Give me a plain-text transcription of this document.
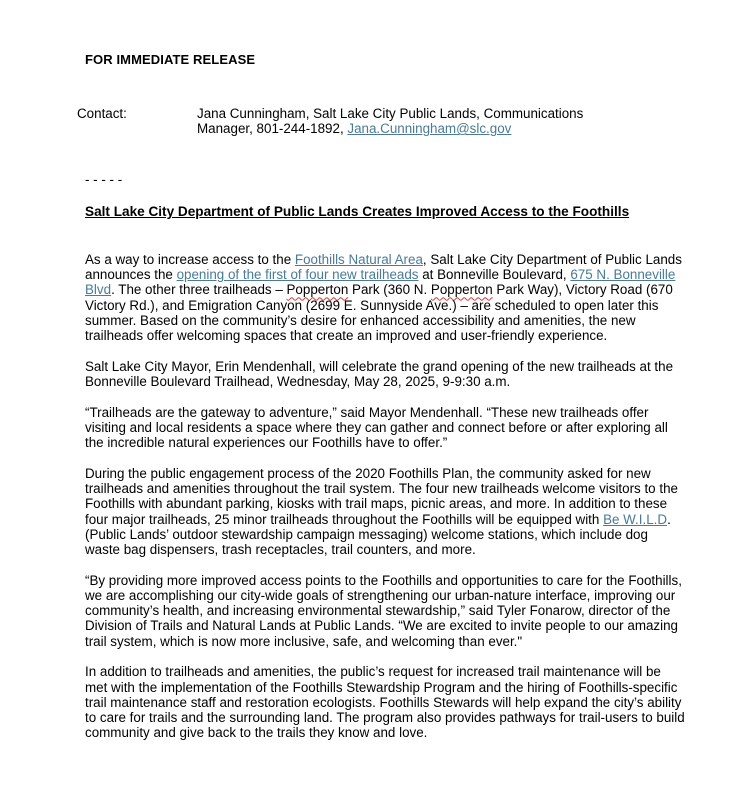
FOR IMMEDIATE RELEASE
Contact:	Jana Cunningham, Salt Lake City Public Lands, Communications
Manager, 801-244-1892, Jana.Cunningham@slc.gov
- - - - -
Salt Lake City Department of Public Lands Creates Improved Access to the Foothills

As a way to increase access to the Foothills Natural Area, Salt Lake City Department of Public Lands announces the opening of the first of four new trailheads at Bonneville Boulevard, 675 N. Bonneville Blvd. The other three trailheads – Popperton Park (360 N. Popperton Park Way), Victory Road (670 Victory Rd.), and Emigration Canyon (2699 E. Sunnyside Ave.) – are scheduled to open later this summer. Based on the community’s desire for enhanced accessibility and amenities, the new trailheads offer welcoming spaces that create an improved and user-friendly experience.

Salt Lake City Mayor, Erin Mendenhall, will celebrate the grand opening of the new trailheads at the Bonneville Boulevard Trailhead, Wednesday, May 28, 2025, 9-9:30 a.m.

“Trailheads are the gateway to adventure,” said Mayor Mendenhall. “These new trailheads offer visiting and local residents a space where they can gather and connect before or after exploring all the incredible natural experiences our Foothills have to offer.”

During the public engagement process of the 2020 Foothills Plan, the community asked for new trailheads and amenities throughout the trail system. The four new trailheads welcome visitors to the Foothills with abundant parking, kiosks with trail maps, picnic areas, and more. In addition to these four major trailheads, 25 minor trailheads throughout the Foothills will be equipped with Be W.I.L.D. (Public Lands’ outdoor stewardship campaign messaging) welcome stations, which include dog waste bag dispensers, trash receptacles, trail counters, and more.

“By providing more improved access points to the Foothills and opportunities to care for the Foothills, we are accomplishing our city-wide goals of strengthening our urban-nature interface, improving our community’s health, and increasing environmental stewardship,” said Tyler Fonarow, director of the Division of Trails and Natural Lands at Public Lands. “We are excited to invite people to our amazing trail system, which is now more inclusive, safe, and welcoming than ever."

In addition to trailheads and amenities, the public’s request for increased trail maintenance will be met with the implementation of the Foothills Stewardship Program and the hiring of Foothills-specific trail maintenance staff and restoration ecologists. Foothills Stewards will help expand the city’s ability to care for trails and the surrounding land. The program also provides pathways for trail-users to build community and give back to the trails they know and love.
